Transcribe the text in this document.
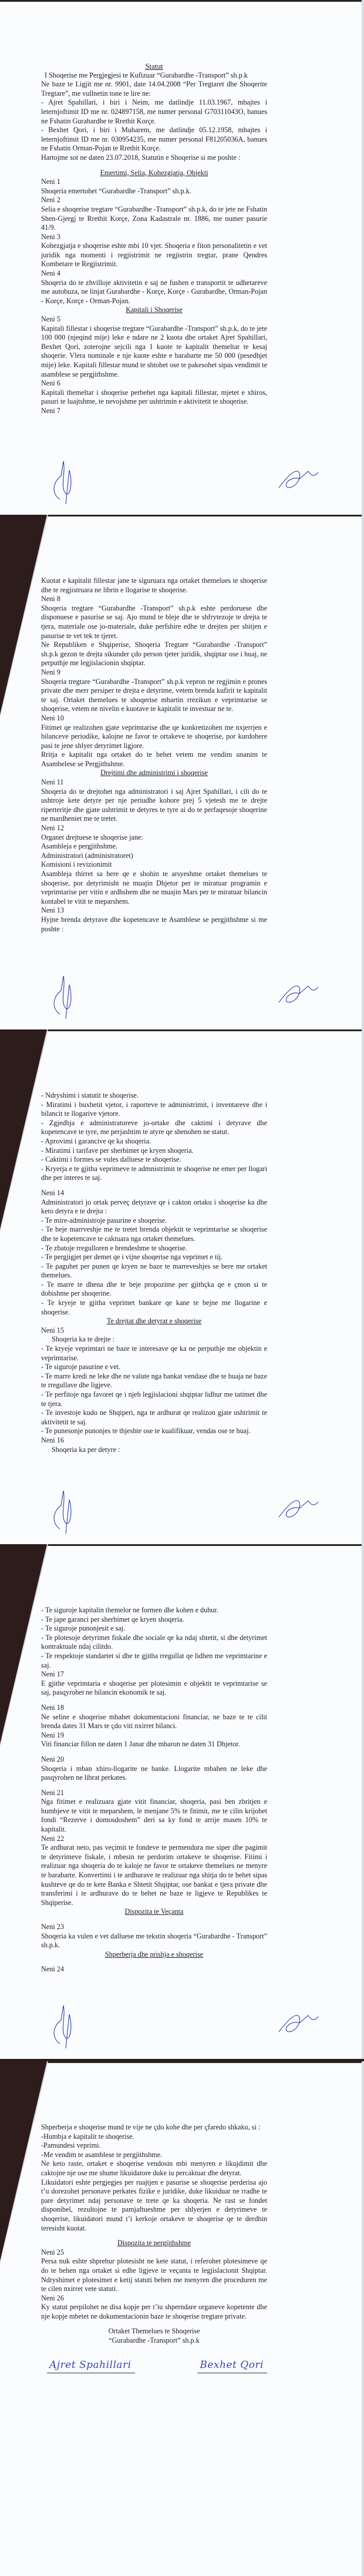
Statut
I Shoqerise me Pergjegjesi te Kufizuar “Gurabardhe -Transport” sh.p.k
Ne baze te Ligjit me nr. 9901, date 14.04.2008 “Per Tregtaret dhe Shoqerite Tregtare”, me vullnetin tone te lire ne:
- Ajret Spahillari, i biri i Neim, me datlindje 11.03.1967, mbajtes i leternjoftimit ID me nr. 024897158, me numer personal G70311043O, banues ne Fshatin Gurabardhe te Rrethit Korçe.
- Bexhet Qori, i biri i Muharem, me datlindje 05.12.1958, mbajtes i leternjoftimit ID me nr. 030954235, me numer personal F81205036A, banues ne Fshatin Orman-Pojan te Rrethit Korçe.
Hartojme sot ne daten 23.07.2018, Statutin e Shoqerise si me poshte :
Emertimi, Selia, Kohezgjatja, Objekti
Neni 1
Shoqeria emertohet “Gurabardhe -Transport” sh.p.k.
Neni 2
Selia e shoqerise tregtare “Gurabardhe -Transport” sh.p.k, do te jete ne Fshatin Shen-Gjergj te Rrethit Korçe, Zona Kadastrale nr. 1886, me numer pasurie 41/9.
Neni 3
Kohezgjatja e shoqerise eshte mbi 10 vjet. Shoqeria e fiton personalitetin e vet juridik nga momenti i regjistrimit ne regjistrin tregtar, prane Qendres Kombetare te Regjistrimit.
Neni 4
Shoqeria do te zhvilloje aktivitetin e saj ne fushen e transportit te udhetareve me autobuza, ne linjat Gurabardhe - Korçe, Korçe - Gurabardhe, Orman-Pojan - Korçe, Korçe - Orman-Pojan.
Kapitali i Shoqerise
Neni 5
Kapitali fillestar i shoqerise tregtare “Gurabardhe -Transport” sh.p.k, do te jete 100 000 (njeqind mije) leke e ndare ne 2 kuota dhe ortaket Ajret Spahillari, Bexhet Qori, zoterojne sejcili nga 1 kuote te kapitalit themeltar te kesaj shoqerie. Vlera nominale e nje kuote eshte e barabarte me 50 000 (pesedhjet mije) leke. Kapitali fillestar mund te shtohet ose te pakesohet sipas vendimit te asamblese se pergjithshme.
Neni 6
Kapitali themeltar i shoqerise perbehet nga kapitali fillestar, mjetet e xhiros, pasuri te luajtshme, te nevojshme per ushtrimin e aktivitetit te shoqerise.
Neni 7
Kuotat e kapitalit fillestar jane te siguruara nga ortaket themelues te shoqerise dhe te regjistruara ne librin e llogarise te shoqerise.
Neni 8
Shoqeria tregtare “Gurabardhe -Transport” sh.p.k eshte perdoruese dhe disponuese e pasurise se saj. Ajo mund te bleje dhe te shfrytezoje te drejta te tjera, materiale ose jo-materiale, duke perfshire edhe te drejten per shitjen e pasurise te vet tek te tjeret.
Ne Republiken e Shqiperise, Shoqeria Tregtare “Gurabardhe -Transport” sh.p.k gezon te drejta sikunder çdo person tjeter juridik, shqiptar ose i huaj, ne perputhje me legjislacionin shqiptar.
Neni 9
Shoqeria tregtare “Gurabardhe -Transport” sh.p.k vepron ne regjimin e prones private dhe merr persiper te drejta e detyrime, vetem brenda kufirit te kapitalit te saj. Ortaket themelues te shoqerise mbartin rrezikun e veprimtarise se shoqerise, vetem ne nivelin e kuotave te kapitalit te investuar ne te.
Neni 10
Fitimet qe realizohen gjate veprimtarise dhe qe konkretizohen me nxjerrjen e bilanceve periodike, kalojne ne favor te ortakeve te shoqerise, por kurdohere pasi te jene shlyer detyrimet ligjore.
Rritja e kapitalit nga ortaket do te behet vetem me vendim unanim te Asambelese se Pergjithshme.
Drejtimi dhe administrimi i shoqerise
Neni 11
Shoqeria do te drejtohet nga administratori i saj Ajret Spahillari, i cili do te ushtroje kete detyre per nje periudhe kohore prej 5 vjetesh me te drejte riperteritje dhe gjate ushtrimit te detyres te tyre ai do te perfaqesoje shoqerine ne mardheniet me te tretet.
Neni 12
Organet drejtuese te shoqerise jane:
Asambleja e pergjithshme.
Administratori (administratoret)
Komisioni i revizionimit
Asambleja thirret sa here qe e shohin te arsyeshme ortaket themelues te shoqerise, por detyrimisht ne muajin Dhjetor per te miratuar programin e veprimtarise per vitin e ardhshem dhe ne muajin Mars per te miratuar bilancin kontabel te vitit te meparshem.
Neni 13
Hyjne brenda detyrave dhe kopetencave te Asamblese se pergjithshme si me poshte :
- Ndryshimi i statutit te shoqerise.
- Miratimi i buxhetit vjetor, i raporteve te administrimit, i inventareve dhe i bilancit te llogarive vjetore.
- Zgjedhja e administratoreve jo-ortake dhe caktimi i detyrave dhe kopetencave te tyre, me perjashtim te atyre qe shenohen ne statut.
- Aprovimi i garancive qe ka shoqeria.
- Miratimi i tarifave per sherbimet qe kryen shoqeria.
- Caktimi i formes se vules dalluese te shoqerise.
- Kryerja e te gjitha veprimeve te admnistrimit te shoqerise ne emer per llogari dhe per interes te saj.
Neni 14
Administratori jo ortak perveç detyrave qe i cakton ortaku i shoqerise ka dhe keto detyra e te drejta :
- Te mire-administroje pasurine e shoqerise.
- Te beje marrveshje me te tretet brenda objektit te veprimtarise se shoqerise dhe te kopetencave te caktuara nga ortaket themelues.
- Te zbatoje rregulloren e brendeshme te shoqerise.
- Te pergjigjet per demet qe i vijne shoqerise nga veprimet e tij.
- Te paguhet per punen qe kryen ne baze te marreveshjes se bere me ortaket themelues.
- Te marre te dhena dhe te beje propozime per gjithçka qe e çmon si te dobishme per shoqerine.
- Te kryeje te gjitha veprimet bankare qe kane te bejne me llogarine e shoqerise.
Te drejtat dhe detyrat e shoqerise
Neni 15
Shoqeria ka te drejte :
- Te kryeje veprimtari ne baze te interesave qe ka ne perputhje me objektin e veprimtarise.
- Te siguroje pasurine e vet.
- Te marre kredi ne leke dhe ne valute nga bankat vendase dhe te huaja ne baze te rregullave dhe ligjeve.
- Te perfitoje nga favoret qe i njeh legjislacioni shqiptar lidhur me tatimet dhe te tjera.
- Te investoje kudo ne Shqiperi, nga te ardhurat qe realizon gjate ushtrimit te aktivitetit te saj.
- Te punesonje punonjes te thjeshte ose te kualifikuar, vendas ose te huaj.
Neni 16
Shoqeria ka per detyre :
- Te siguroje kapitalin themelor ne formen dhe kohen e duhur.
- Te jape garanci per sherbimet qe kryen shoqeria.
- Te siguroje punonjesit e saj.
- Te plotesoje detyrimet fiskale dhe sociale qe ka ndaj shtetit, si dhe detyrimet kontraktuale ndaj cilitdo.
- Te respektoje standartet si dhe te gjitha rregullat qe lidhen me veprimtarine e saj.
Neni 17
E gjithe veprimtaria e shoqerise per plotesimin e objektit te veprimtarise se saj, pasqyrohet ne bilancin ekonomik te saj.
Neni 18
Ne seline e shoqerise mbahet dokumentacioni financiar, ne baze te te cilit brenda dates 31 Mars te çdo viti nxirret bilanci.
Neni 19
Viti financiar fillon ne daten 1 Janar dhe mbaron ne daten 31 Dhjetor.
Neni 20
Shoqeria i mban xhiro-llogarite ne banke. Llogarite mbahen ne leke dhe pasqyrohen ne librat perkates.
Neni 21
Nga fitimet e realizuara gjate vitit financiar, shoqeria, pasi ben zbritjen e humbjeve te vitit te meparshem, le menjane 5% te fitimit, me te cilin krijohet fondi “Rezerve i domosdoshem” deri sa ky fond te arrije masen 10% te kapitalit.
Neni 22
Te ardhurat neto, pas veçimit te fondeve te permendura me siper dhe pagimit te detyrimeve fiskale, i mbesin ne perdorim ortakeve te shoqerise. Fitimi i realizuar nga shoqeria do te kaloje ne favor te ortakeve themelues ne menyre te barabarte. Konvertimi i te ardhurave te realizuar nga shitja do te behet sipas kushteve qe do te kete Banka e Shtetit Shqiptar, ose bankat e tjera private dhe transferimi i te ardhurave do te behet ne baze te ligjeve te Republikes te Shqiperise.
Dispozita te Veçanta
Neni 23
Shoqeria ka vulen e vet dalluese me tekstin shoqeria “Gurabardhe - Transport” sh.p.k.
Shperberja dhe prishja e shoqerise
Neni 24
Shperberja e shoqerise mund te vije ne çdo kohe dhe per çfaredo shkaku, si :
-Humbja e kapitalit te shoqerise.
-Pamundesi veprimi.
-Me vendim te asamblese te pergjithshme.
Ne keto raste, ortaket e shoqerise vendosin mbi menyren e likujdimit dhe caktojne nje ose me shume likuidatore duke iu percaktuar dhe detyrat.
Likuidatori eshte pergjegjes per ruajtjen e pasurise se shoqerise perderisa ajo t’u dorezohet personave perkates fizike e juridike, duke likuiduar ne rradhe te pare detyrimet ndaj personave te trete qe ka shoqeria. Ne rast se fondet disponibel, rezultojne te pamjaftueshme per shlyerjen e detyrimeve te shoqerise, likuidatori mund t’i kerkoje ortakeve te shoqerise qe te derdhin teresisht kuotat.
Dispozita te pergjithshme
Neni 25
Persa nuk eshte shprehur plotesisht ne kete statut, i referohet plotesimeve qe do te behen nga ortaket si edhe ligjeve te veçanta te legjislacionit Shqiptar. Ndryshimet e plotesimet e ketij statuti behen me menyren dhe proceduren me te cilen nxirret vete statuti.
Neni 26
Ky statut perpilohet ne disa kopje per t’iu shperndare organeve kopetente dhe nje kopje mbetet ne dokumentacionin baze te shoqerise tregtare private.
Ortaket Themelues te Shoqerise
“Gurabardhe -Transport” sh.p.k
Ajret Spahillari	Bexhet Qori
